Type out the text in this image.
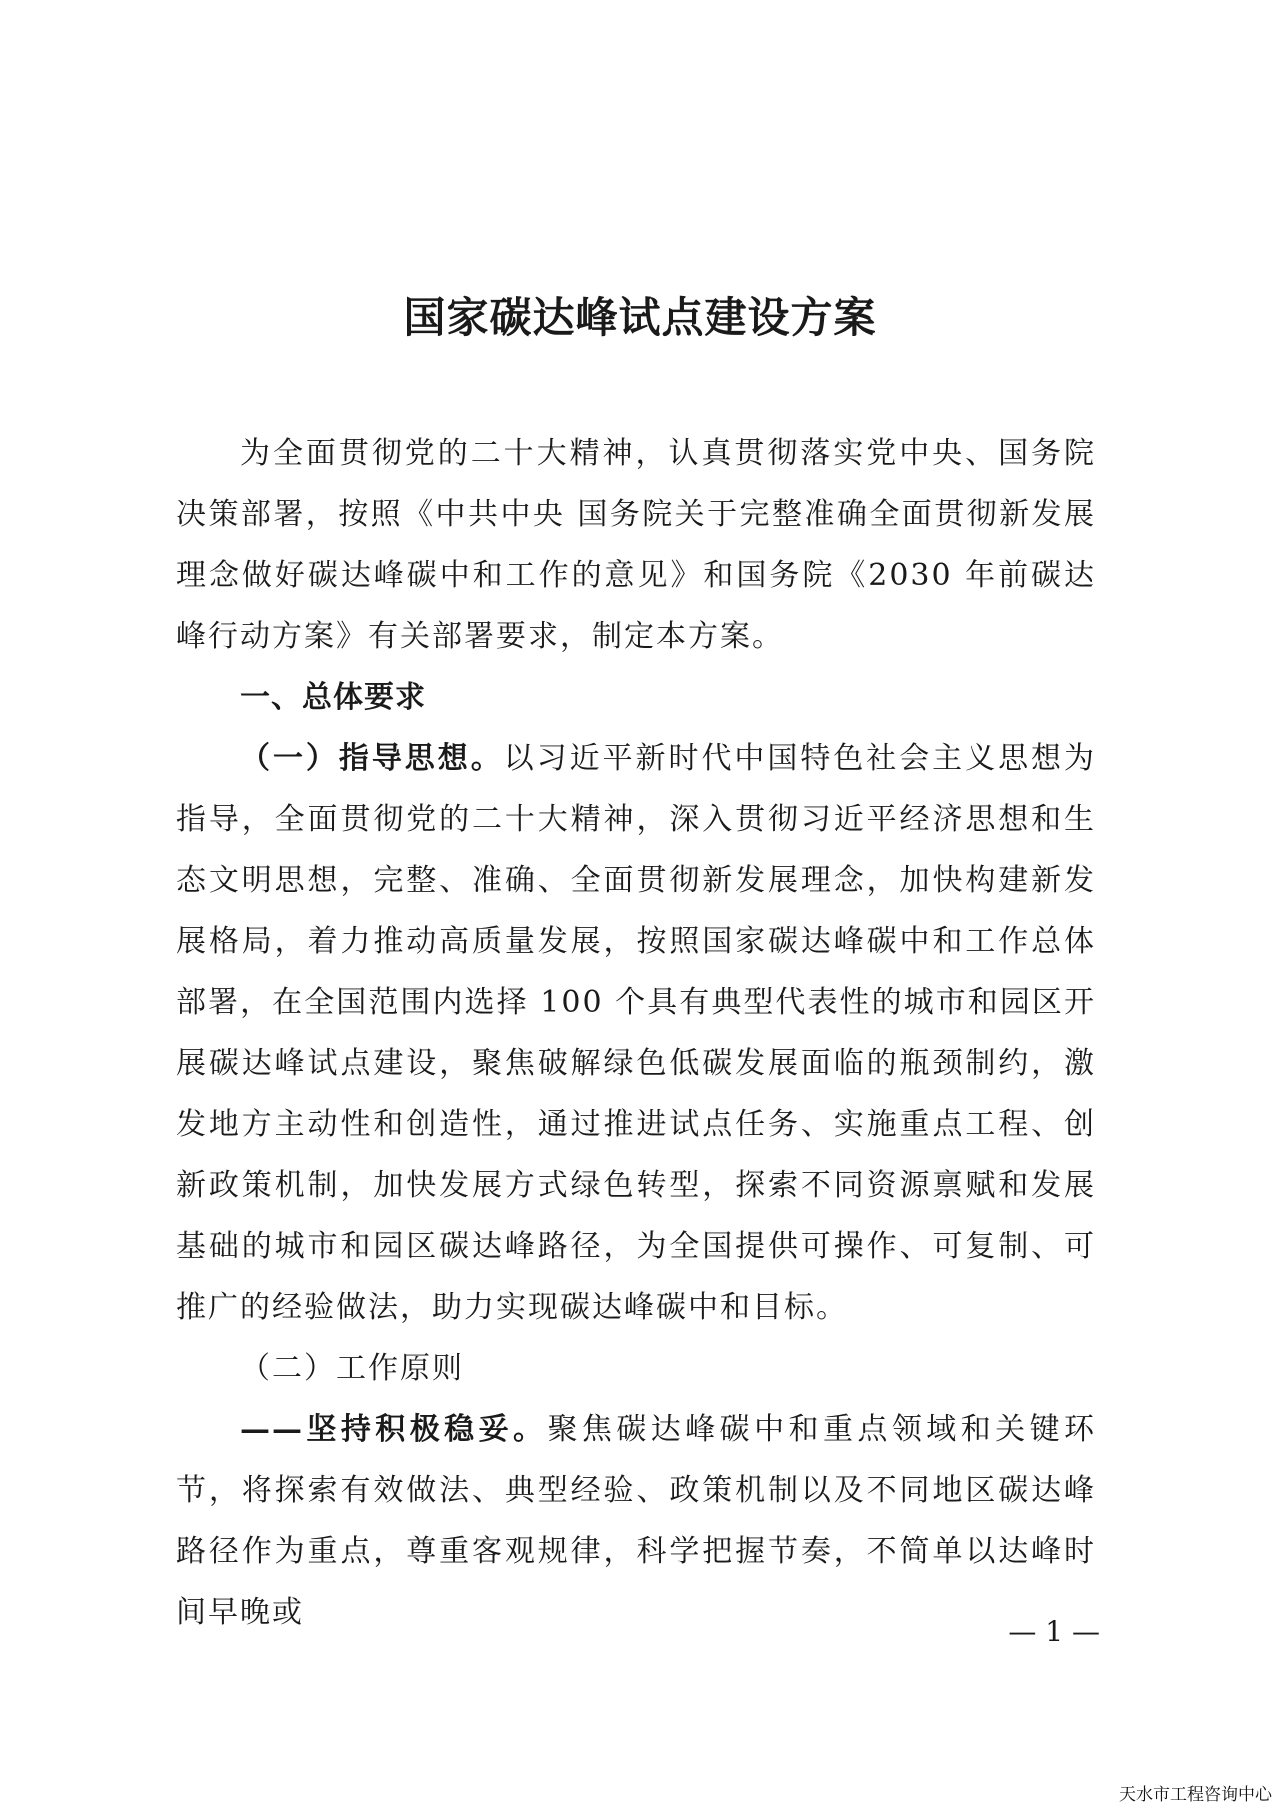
国家碳达峰试点建设方案

为全面贯彻党的二十大精神，认真贯彻落实党中央、国务院决策部署，按照《中共中央 国务院关于完整准确全面贯彻新发展理念做好碳达峰碳中和工作的意见》和国务院《2030 年前碳达峰行动方案》有关部署要求，制定本方案。

一、总体要求

（一）指导思想。以习近平新时代中国特色社会主义思想为指导，全面贯彻党的二十大精神，深入贯彻习近平经济思想和生态文明思想，完整、准确、全面贯彻新发展理念，加快构建新发展格局，着力推动高质量发展，按照国家碳达峰碳中和工作总体部署，在全国范围内选择 100 个具有典型代表性的城市和园区开展碳达峰试点建设，聚焦破解绿色低碳发展面临的瓶颈制约，激发地方主动性和创造性，通过推进试点任务、实施重点工程、创新政策机制，加快发展方式绿色转型，探索不同资源禀赋和发展基础的城市和园区碳达峰路径，为全国提供可操作、可复制、可推广的经验做法，助力实现碳达峰碳中和目标。

（二）工作原则

——坚持积极稳妥。聚焦碳达峰碳中和重点领域和关键环节，将探索有效做法、典型经验、政策机制以及不同地区碳达峰路径作为重点，尊重客观规律，科学把握节奏，不简单以达峰时间早晚或

— 1 —
天水市工程咨询中心
